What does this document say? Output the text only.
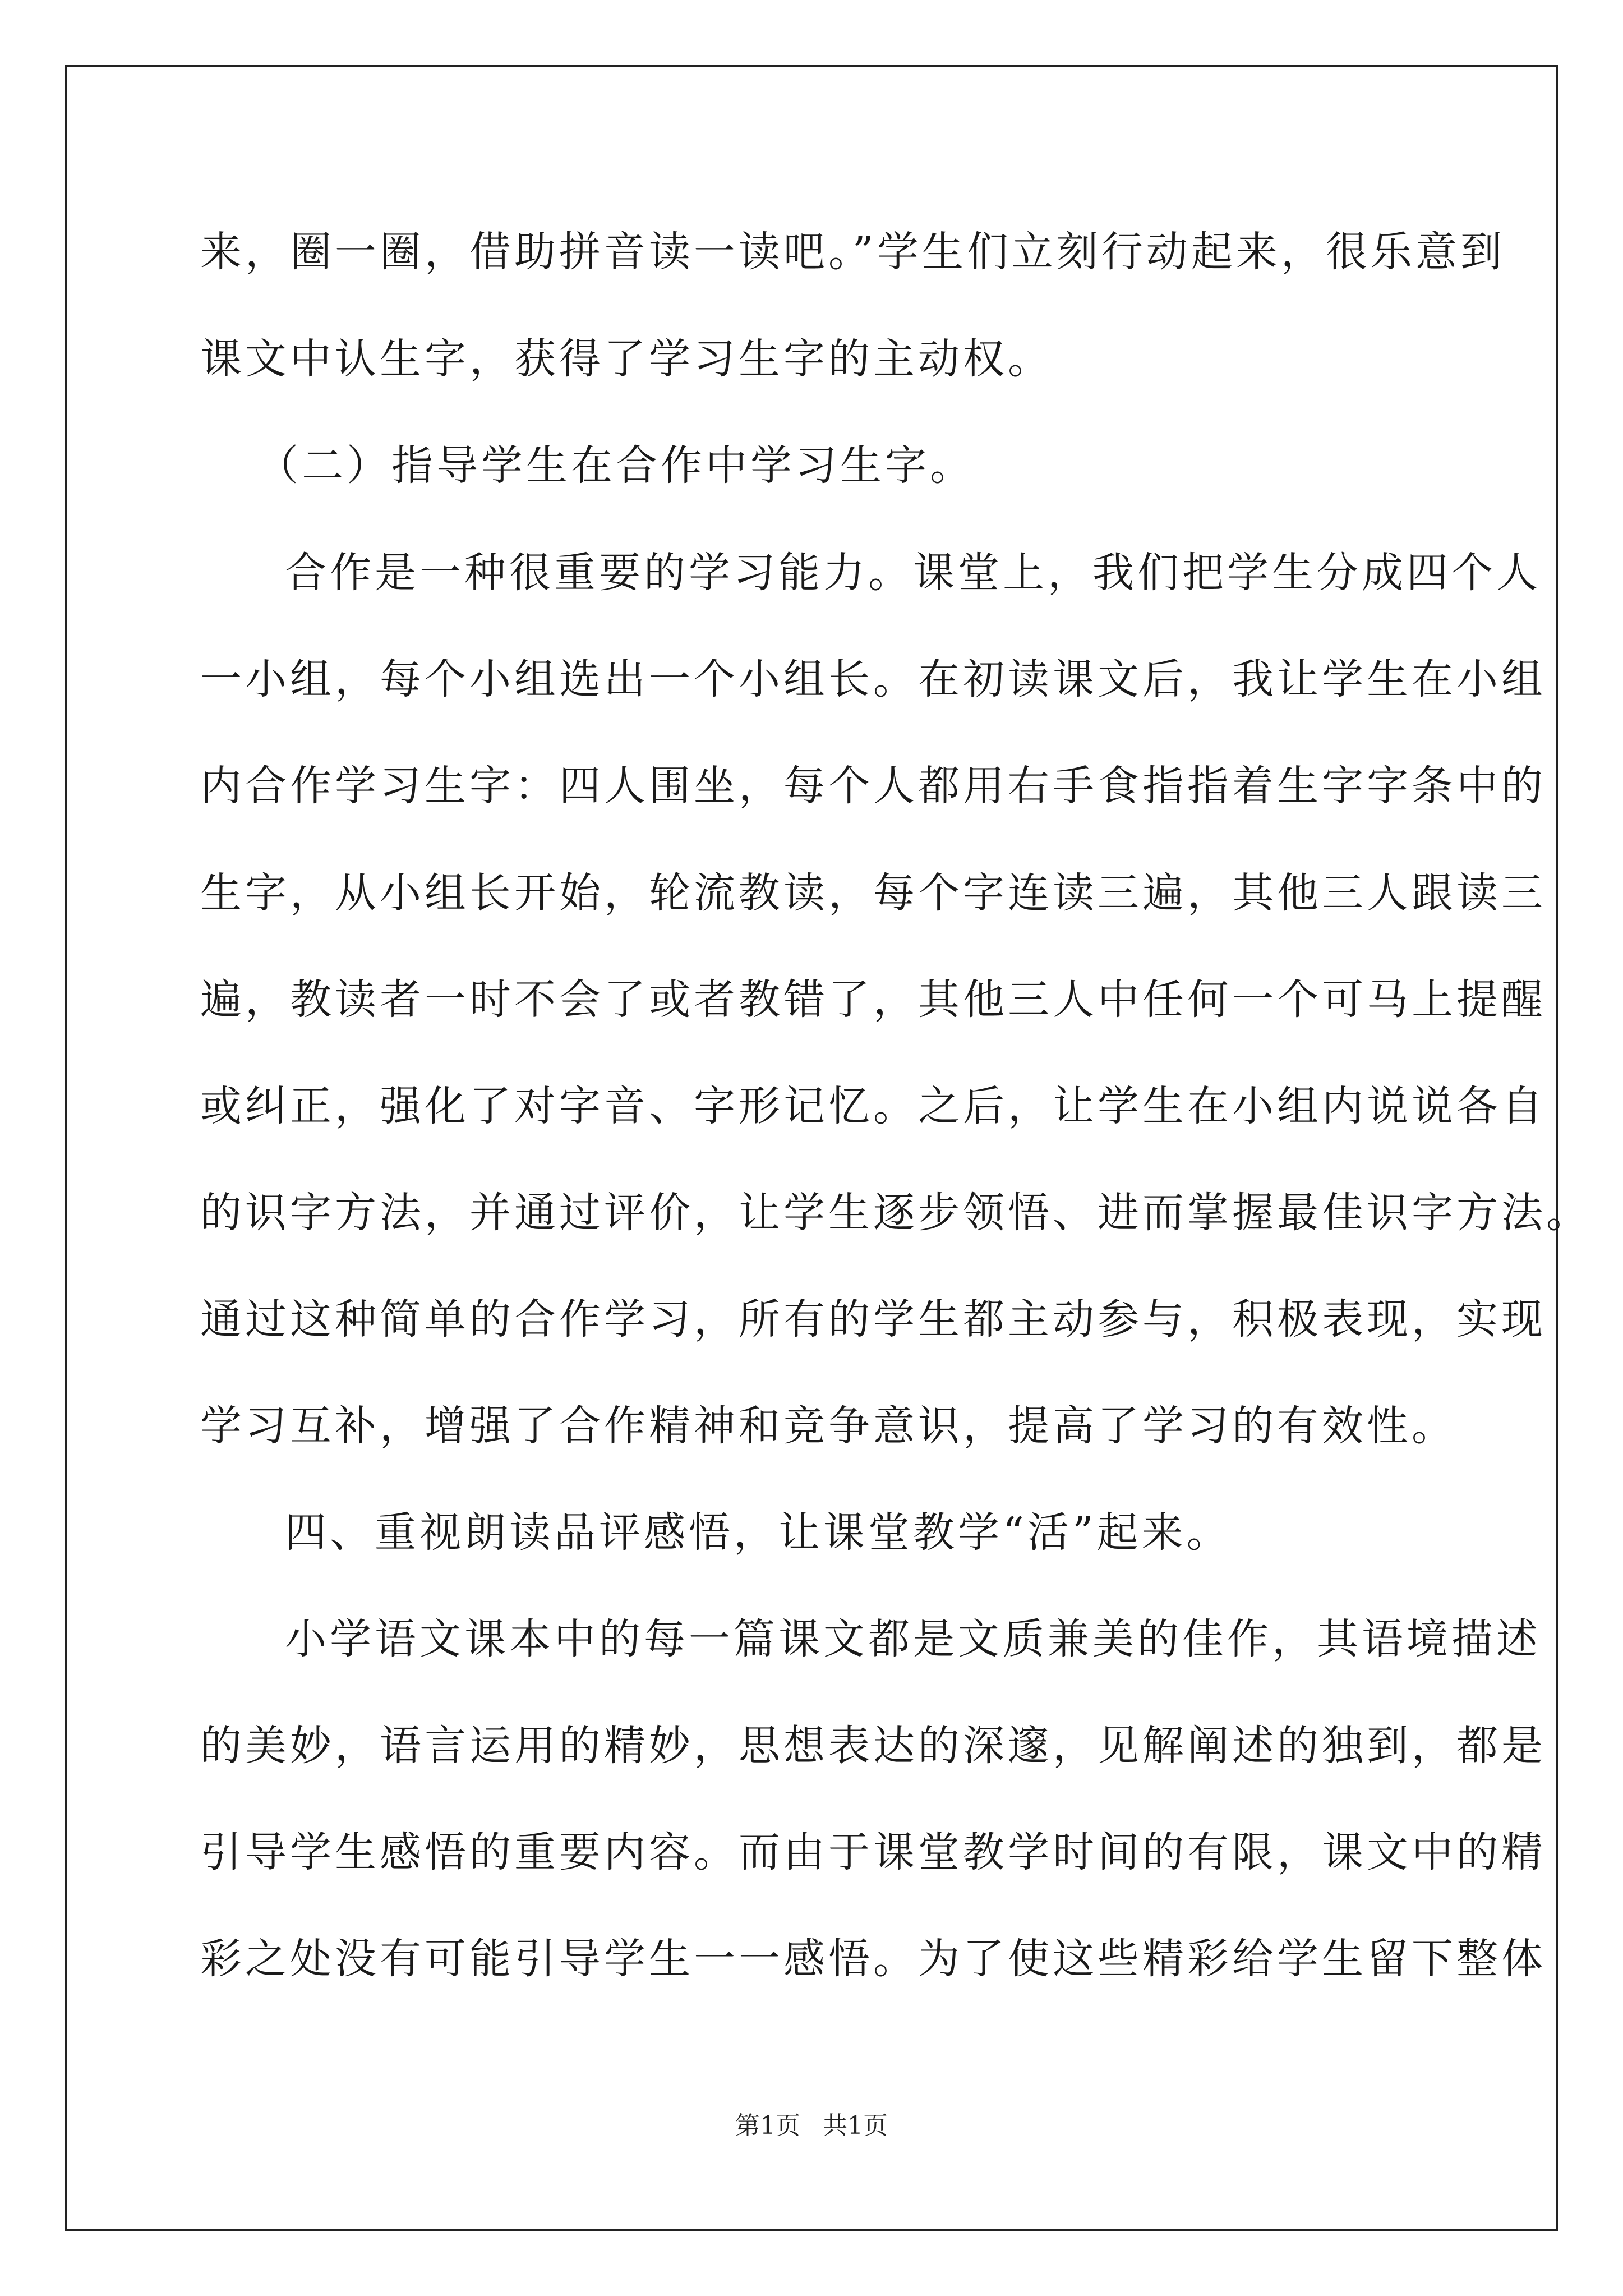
来，圈一圈，借助拼音读一读吧。”学生们立刻行动起来，很乐意到
课文中认生字，获得了学习生字的主动权。
（二）指导学生在合作中学习生字。
合作是一种很重要的学习能力。课堂上，我们把学生分成四个人
一小组，每个小组选出一个小组长。在初读课文后，我让学生在小组
内合作学习生字：四人围坐，每个人都用右手食指指着生字字条中的
生字，从小组长开始，轮流教读，每个字连读三遍，其他三人跟读三
遍，教读者一时不会了或者教错了，其他三人中任何一个可马上提醒
或纠正，强化了对字音、字形记忆。之后，让学生在小组内说说各自
的识字方法，并通过评价，让学生逐步领悟、进而掌握最佳识字方法。
通过这种简单的合作学习，所有的学生都主动参与，积极表现，实现
学习互补，增强了合作精神和竞争意识，提高了学习的有效性。
四、重视朗读品评感悟，让课堂教学“活”起来。
小学语文课本中的每一篇课文都是文质兼美的佳作，其语境描述
的美妙，语言运用的精妙，思想表达的深邃，见解阐述的独到，都是
引导学生感悟的重要内容。而由于课堂教学时间的有限，课文中的精
彩之处没有可能引导学生一一感悟。为了使这些精彩给学生留下整体
第1页 共1页
